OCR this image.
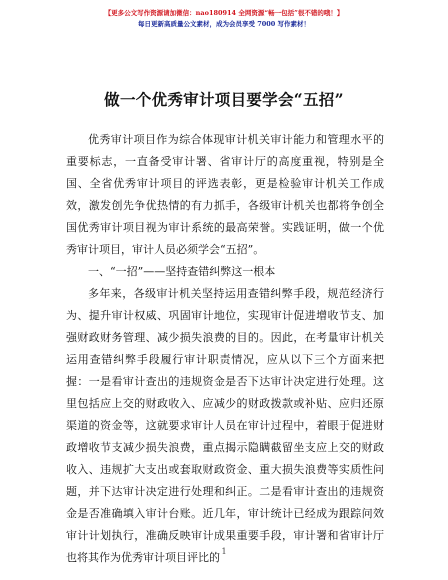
【更多公文写作资源请加微信：nao180914 全网资源“畅一包括”很不错的哦！】
每日更新高质量公文素材，成为会员享受 7000 写作素材！
做一个优秀审计项目要学会“五招”

优秀审计项目作为综合体现审计机关审计能力和管理水平的重要标志，一直备受审计署、省审计厅的高度重视，特别是全国、全省优秀审计项目的评选表彰，更是检验审计机关工作成效，激发创先争优热情的有力抓手，各级审计机关也都将争创全国优秀审计项目视为审计系统的最高荣誉。实践证明，做一个优秀审计项目，审计人员必须学会“五招”。

一、“一招”——坚持查错纠弊这一根本

多年来，各级审计机关坚持运用查错纠弊手段，规范经济行为、提升审计权威、巩固审计地位，实现审计促进增收节支、加强财政财务管理、减少损失浪费的目的。因此，在考量审计机关运用查错纠弊手段履行审计职责情况，应从以下三个方面来把握：一是看审计查出的违规资金是否下达审计决定进行处理。这里包括应上交的财政收入、应减少的财政拨款或补贴、应归还原渠道的资金等，这就要求审计人员在审计过程中，着眼于促进财政增收节支减少损失浪费，重点揭示隐瞒截留坐支应上交的财政收入、违规扩大支出或套取财政资金、重大损失浪费等实质性问题，并下达审计决定进行处理和纠正。二是看审计查出的违规资金是否准确填入审计台账。近几年，审计统计已经成为跟踪问效审计计划执行，准确反映审计成果重要手段，审计署和省审计厅也将其作为优秀审计项目评比的 1
